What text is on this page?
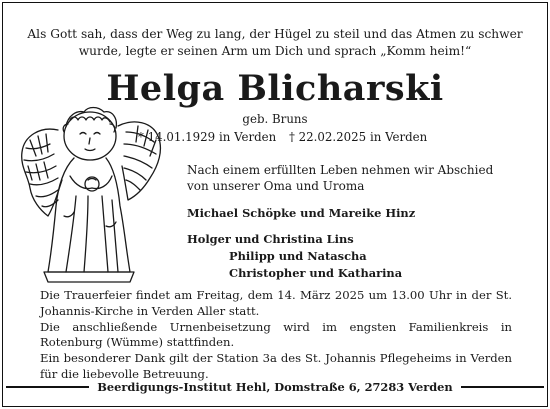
Als Gott sah, dass der Weg zu lang, der Hügel zu steil und das Atmen zu schwer
wurde, legte er seinen Arm um Dich und sprach „Komm heim!“
Helga Blicharski
geb. Bruns
* 14.01.1929 in Verden † 22.02.2025 in Verden
Nach einem erfüllten Leben nehmen wir Abschied
von unserer Oma und Uroma
Michael Schöpke und Mareike Hinz
Holger und Christina Lins
Philipp und Natascha
Christopher und Katharina

Die Trauerfeier findet am Freitag, dem 14. März 2025 um 13.00 Uhr in der St. Johannis-Kirche in Verden Aller statt.

Die anschließende Urnenbeisetzung wird im engsten Familienkreis in Rotenburg (Wümme) stattfinden.

Ein besonderer Dank gilt der Station 3a des St. Johannis Pflegeheims in Verden für die liebevolle Betreuung.

Beerdigungs-Institut Hehl, Domstraße 6, 27283 Verden
